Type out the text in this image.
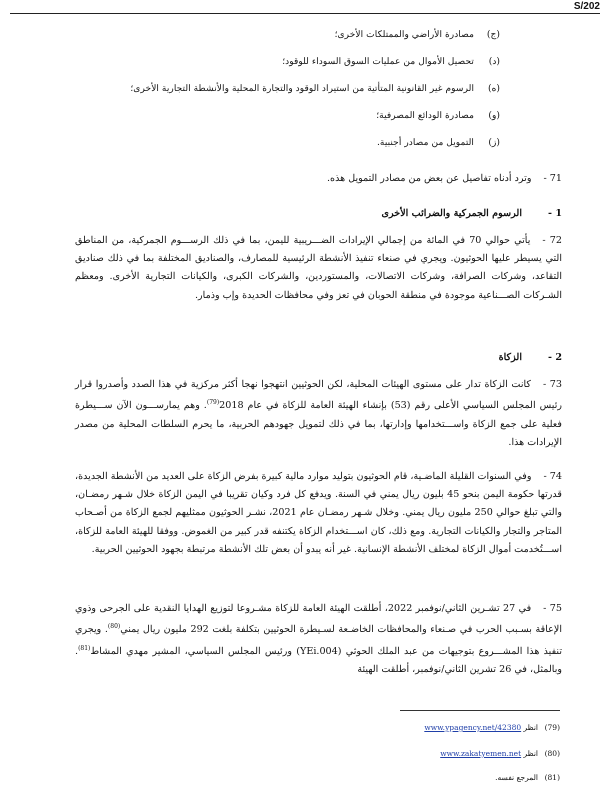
S/202
(ج)
مصادرة الأراضي والممتلكات الأخرى؛
(د)
تحصيل الأموال من عمليات السوق السوداء للوقود؛
(ه)
الرسوم غير القانونية المتأتية من استيراد الوقود والتجارة المحلية والأنشطة التجارية الأخرى؛
(و)
مصادرة الودائع المصرفية؛
(ز)
التمويل من مصادر أجنبية.
71 -وترد أدناه تفاصيل عن بعض من مصادر التمويل هذه.
1 -
الرسوم الجمركية والضرائب الأخرى
72 -يأتي حوالي 70 في المائة من إجمالي الإيرادات الضـــريبية لليمن، بما في ذلك الرســـوم الجمركية، من المناطق التي يسيطر عليها الحوثيون. ويجري في صنعاء تنفيذ الأنشطة الرئيسية للمصارف، والصناديق المختلفة بما في ذلك صناديق التقاعد، وشركات الصرافة، وشركات الاتصالات، والمستوردين، والشركات الكبرى، والكيانات التجارية الأخرى. ومعظم الشـركات الصـــناعية موجودة في منطقة الحوبان في تعز وفي محافظات الحديدة وإب وذمار.
2 -
الزكاة
73 -كانت الزكاة تدار على مستوى الهيئات المحلية، لكن الحوثيين انتهجوا نهجا أكثر مركزية في هذا الصدد وأصدروا قرار رئيس المجلس السياسي الأعلى رقم (53) بإنشاء الهيئة العامة للزكاة في عام 2018$^{(79)}$. وهم يمارســـون الآن ســـيطرة فعلية على جمع الزكاة واســـتخدامها وإدارتها، بما في ذلك لتمويل جهودهم الحربية، ما يحرم السلطات المحلية من مصدر الإيرادات هذا.
74 -وفي السنوات القليلة الماضـية، قام الحوثيون بتوليد موارد مالية كبيرة بفرض الزكاة على العديد من الأنشطة الجديدة، قدرتها حكومة اليمن بنحو 45 بليون ريال يمني في السنة. ويدفع كل فرد وكيان تقريبا في اليمن الزكاة خلال شـهر رمضـان، والتي تبلغ حوالي 250 مليون ريال يمني. وخلال شـهر رمضـان عام 2021، نشـر الحوثيون ممثليهم لجمع الزكاة من أصـحاب المتاجر والتجار والكيانات التجارية. ومع ذلك، كان اســـتخدام الزكاة يكتنفه قدر كبير من الغموض. ووفقا للهيئة العامة للزكاة، اســـتُخدمت أموال الزكاة لمختلف الأنشطة الإنسانية. غير أنه يبدو أن بعض تلك الأنشطة مرتبطة بجهود الحوثيين الحربية.
75 -في 27 تشـرين الثاني/نوفمبر 2022، أطلقت الهيئة العامة للزكاة مشـروعا لتوزيع الهدايا النقدية على الجرحى وذوي الإعاقة بسـبب الحرب في صـنعاء والمحافظات الخاضـعة لسـيطرة الحوثيين بتكلفة بلغت 292 مليون ريال يمني$^{(80)}$. ويجري تنفيذ هذا المشـــروع بتوجيهات من عبد الملك الحوثي (YEi.004) ورئيس المجلس السياسي، المشير مهدي المشاط$^{(81)}$. وبالمثل، في 26 تشرين الثاني/نوفمبر، أطلقت الهيئة
(79)
انظر

www.ypagency.net/42380
(80)
انظر

www.zakatyemen.net
(81)
المرجع نفسه.
